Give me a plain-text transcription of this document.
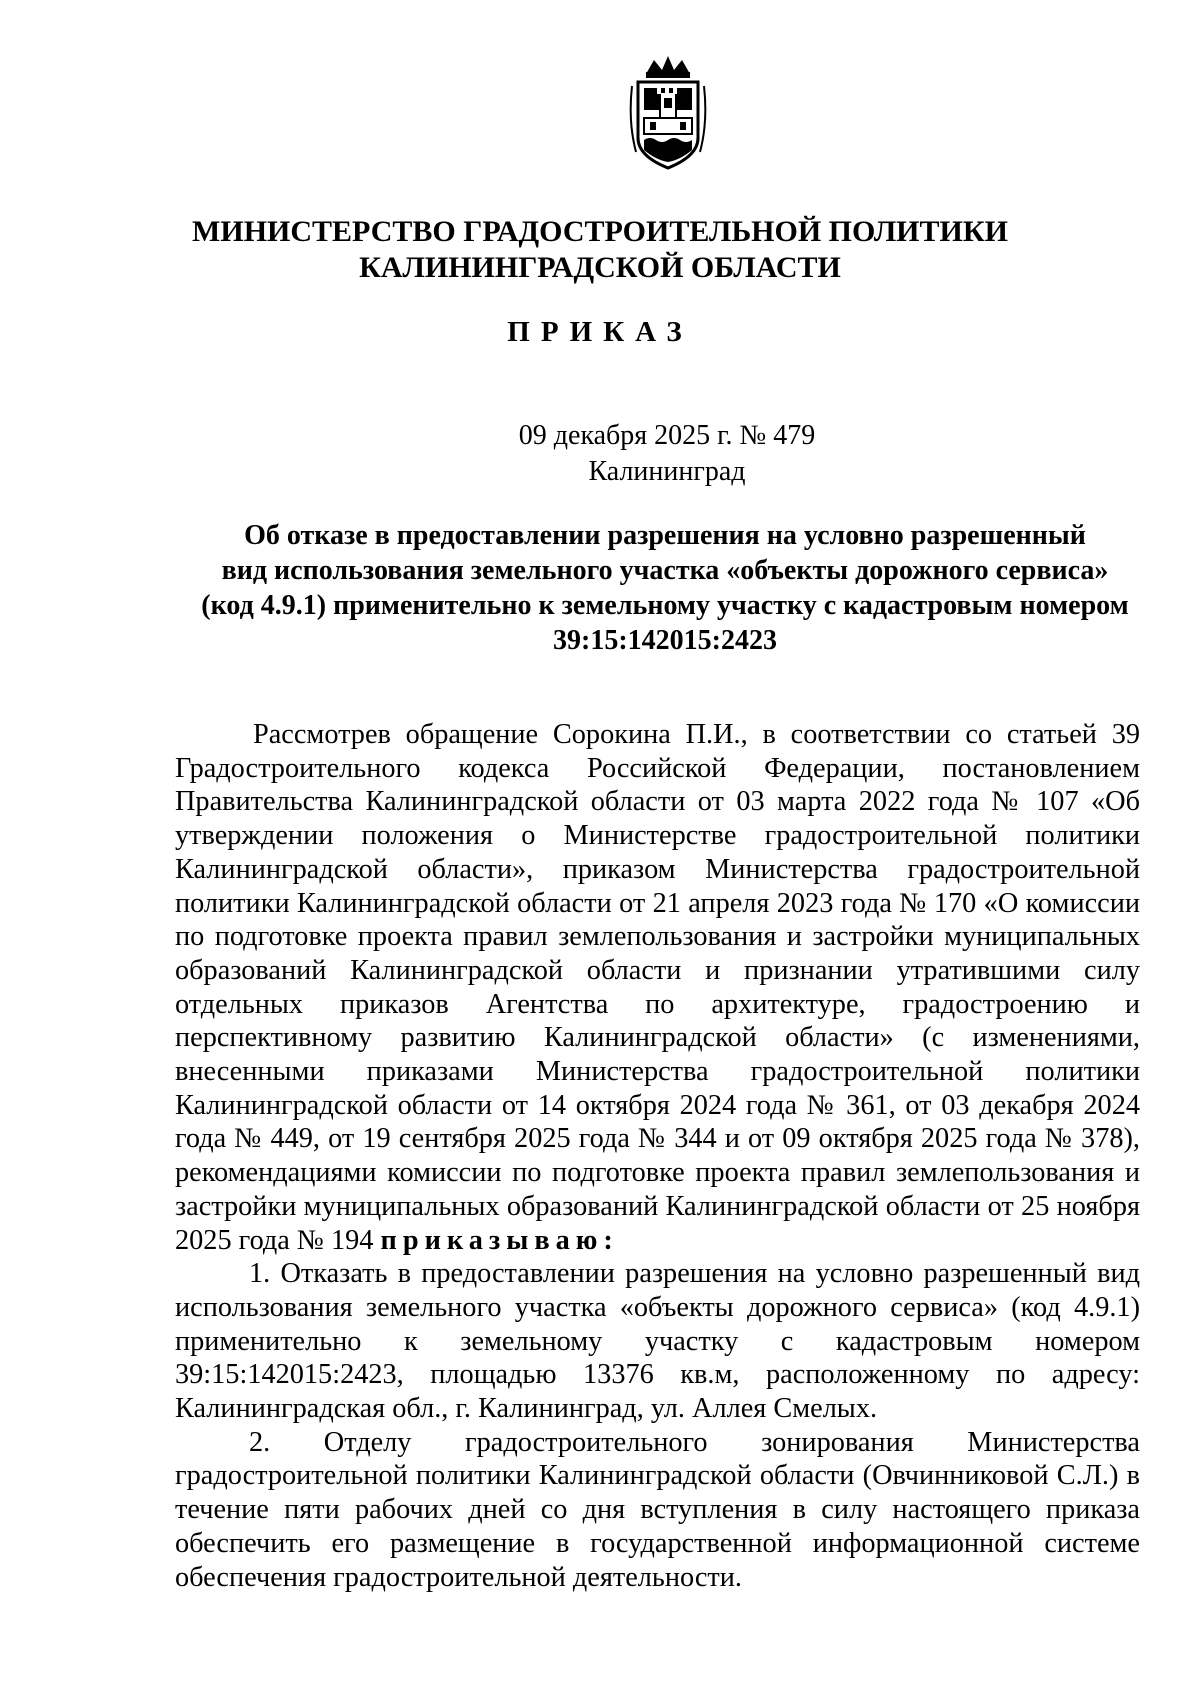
МИНИСТЕРСТВО ГРАДОСТРОИТЕЛЬНОЙ ПОЛИТИКИ
КАЛИНИНГРАДСКОЙ ОБЛАСТИ
ПРИКАЗ
09 декабря 2025 г. № 479
Калининград
Об отказе в предоставлении разрешения на условно разрешенный
вид использования земельного участка «объекты дорожного сервиса»
(код 4.9.1) применительно к земельному участку с кадастровым номером
39:15:142015:2423

Рассмотрев обращение Сорокина П.И., в соответствии со статьей 39 Градостроительного кодекса Российской Федерации, постановлением Правительства Калининградской области от 03 марта 2022 года № 107 «Об утверждении положения о Министерстве градостроительной политики Калининградской области», приказом Министерства градостроительной политики Калининградской области от 21 апреля 2023 года № 170 «О комиссии по подготовке проекта правил землепользования и застройки муниципальных образований Калининградской области и признании утратившими силу отдельных приказов Агентства по архитектуре, градостроению и перспективному развитию Калининградской области» (с изменениями, внесенными приказами Министерства градостроительной политики Калининградской области от 14 октября 2024 года № 361, от 03 декабря 2024 года № 449, от 19 сентября 2025 года № 344 и от 09 октября 2025 года № 378), рекомендациями комиссии по подготовке проекта правил землепользования и застройки муниципальных образований Калининградской области от 25 ноября 2025 года № 194 приказываю:

1. Отказать в предоставлении разрешения на условно разрешенный вид использования земельного участка «объекты дорожного сервиса» (код 4.9.1) применительно к земельному участку с кадастровым номером 39:15:142015:2423, площадью 13376 кв.м, расположенному по адресу: Калининградская обл., г. Калининград, ул. Аллея Смелых.

2. Отделу градостроительного зонирования Министерства градостроительной политики Калининградской области (Овчинниковой С.Л.) в течение пяти рабочих дней со дня вступления в силу настоящего приказа обеспечить его размещение в государственной информационной системе обеспечения градостроительной деятельности.
